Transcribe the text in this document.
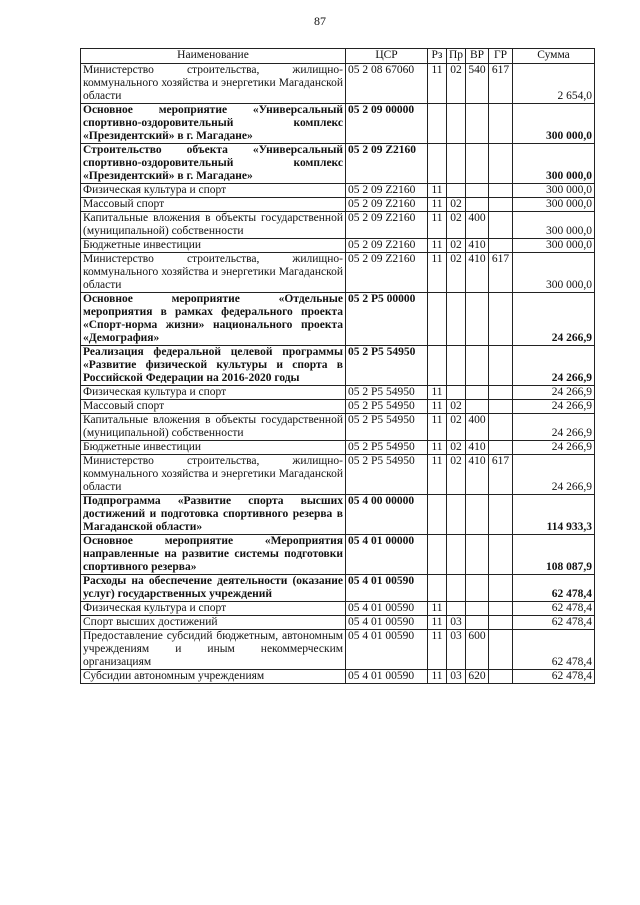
87
Наименование	ЦСР	Рз	Пр	ВР	ГР	Сумма
Министерство строительства, жилищно-коммунального хозяйства и энергетики Магаданской области	05 2 08 67060	11	02	540	617	2 654,0
Основное мероприятие «Универсальный спортивно-оздоровительный комплекс «Президентский» в г. Магадане»	05 2 09 00000					300 000,0
Строительство объекта «Универсальный спортивно-оздоровительный комплекс «Президентский» в г. Магадане»	05 2 09 Z2160					300 000,0
Физическая культура и спорт	05 2 09 Z2160	11				300 000,0
Массовый спорт	05 2 09 Z2160	11	02			300 000,0
Капитальные вложения в объекты государственной (муниципальной) собственности	05 2 09 Z2160	11	02	400		300 000,0
Бюджетные инвестиции	05 2 09 Z2160	11	02	410		300 000,0
Министерство строительства, жилищно-коммунального хозяйства и энергетики Магаданской области	05 2 09 Z2160	11	02	410	617	300 000,0
Основное мероприятие «Отдельные мероприятия в рамках федерального проекта «Спорт-норма жизни» национального проекта «Демография»	05 2 P5 00000					24 266,9
Реализация федеральной целевой программы «Развитие физической культуры и спорта в Российской Федерации на 2016-2020 годы	05 2 P5 54950					24 266,9
Физическая культура и спорт	05 2 P5 54950	11				24 266,9
Массовый спорт	05 2 P5 54950	11	02			24 266,9
Капитальные вложения в объекты государственной (муниципальной) собственности	05 2 P5 54950	11	02	400		24 266,9
Бюджетные инвестиции	05 2 P5 54950	11	02	410		24 266,9
Министерство строительства, жилищно-коммунального хозяйства и энергетики Магаданской области	05 2 P5 54950	11	02	410	617	24 266,9
Подпрограмма «Развитие спорта высших достижений и подготовка спортивного резерва в Магаданской области»	05 4 00 00000					114 933,3
Основное мероприятие «Мероприятия направленные на развитие системы подготовки спортивного резерва»	05 4 01 00000					108 087,9
Расходы на обеспечение деятельности (оказание услуг) государственных учреждений	05 4 01 00590					62 478,4
Физическая культура и спорт	05 4 01 00590	11				62 478,4
Спорт высших достижений	05 4 01 00590	11	03			62 478,4
Предоставление субсидий бюджетным, автономным учреждениям и иным некоммерческим организациям	05 4 01 00590	11	03	600		62 478,4
Субсидии автономным учреждениям	05 4 01 00590	11	03	620		62 478,4
